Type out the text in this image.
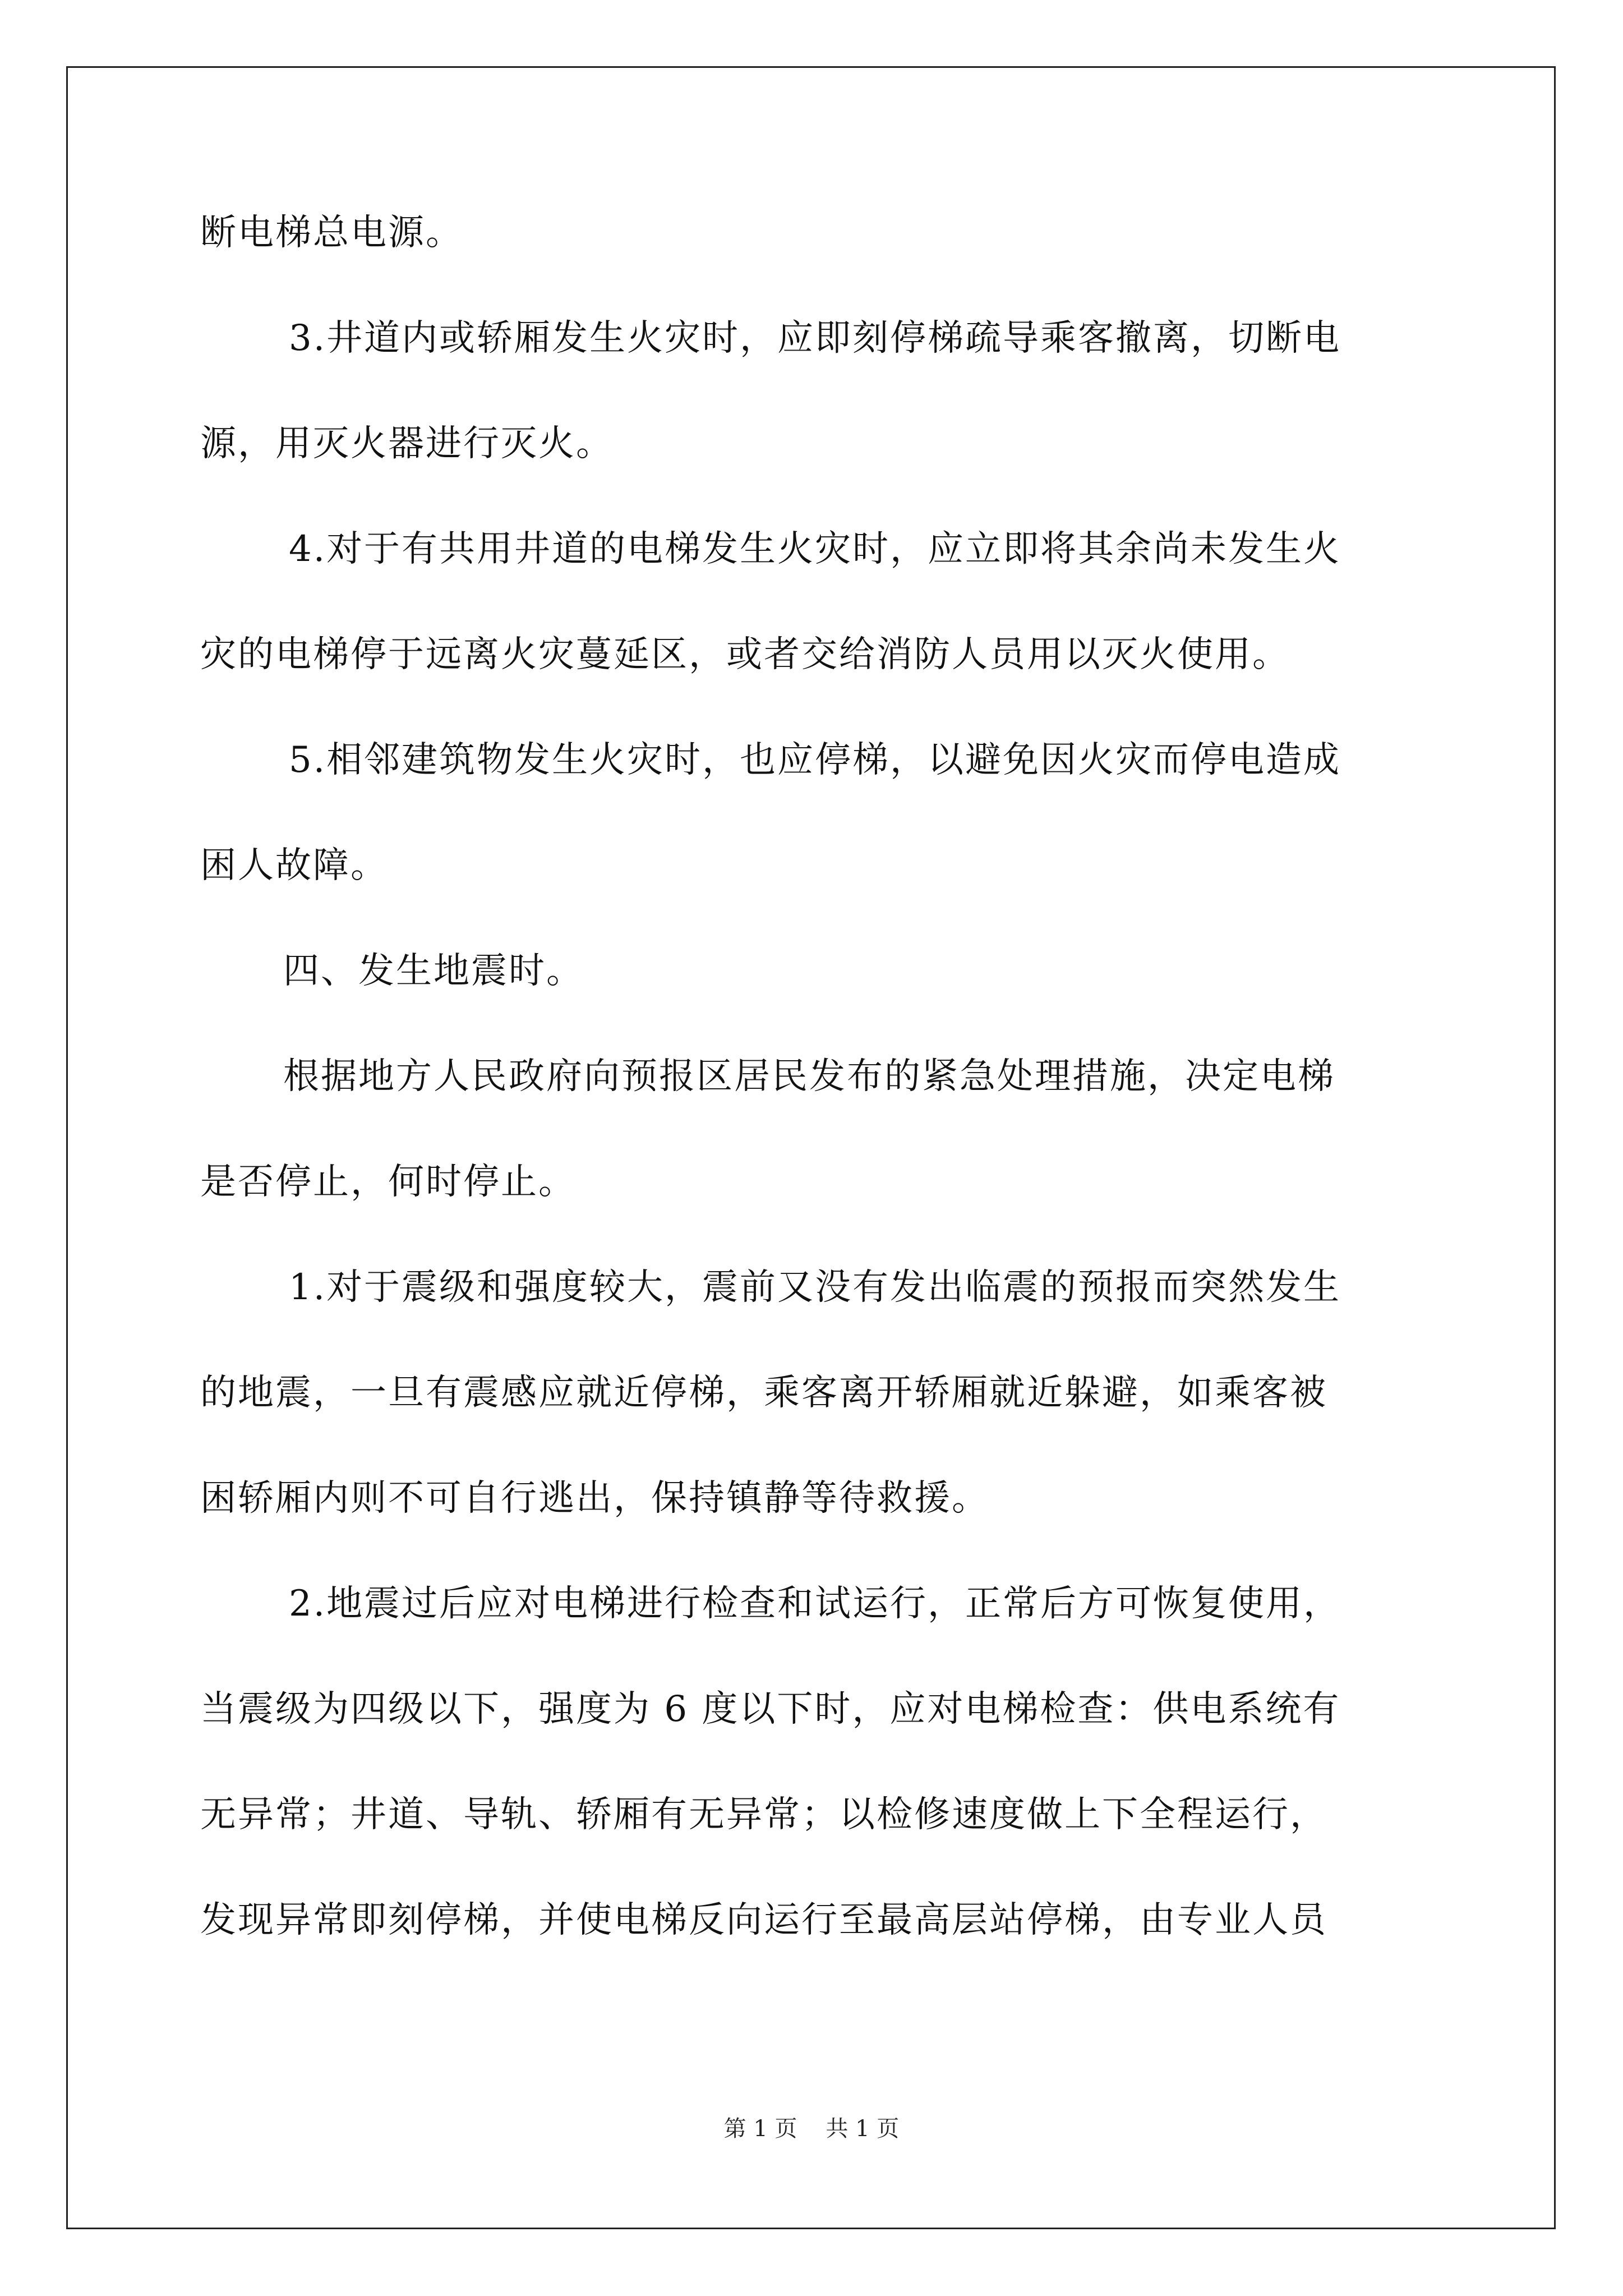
断电梯总电源。
3.井道内或轿厢发生火灾时，应即刻停梯疏导乘客撤离，切断电
源，用灭火器进行灭火。
4.对于有共用井道的电梯发生火灾时，应立即将其余尚未发生火
灾的电梯停于远离火灾蔓延区，或者交给消防人员用以灭火使用。
5.相邻建筑物发生火灾时，也应停梯，以避免因火灾而停电造成
困人故障。
四、发生地震时。
根据地方人民政府向预报区居民发布的紧急处理措施，决定电梯
是否停止，何时停止。
1.对于震级和强度较大，震前又没有发出临震的预报而突然发生
的地震，一旦有震感应就近停梯，乘客离开轿厢就近躲避，如乘客被
困轿厢内则不可自行逃出，保持镇静等待救援。
2.地震过后应对电梯进行检查和试运行，正常后方可恢复使用，
当震级为四级以下，强度为 6 度以下时，应对电梯检查：供电系统有
无异常；井道、导轨、轿厢有无异常；以检修速度做上下全程运行，
发现异常即刻停梯，并使电梯反向运行至最高层站停梯，由专业人员
第 1 页 共 1 页
